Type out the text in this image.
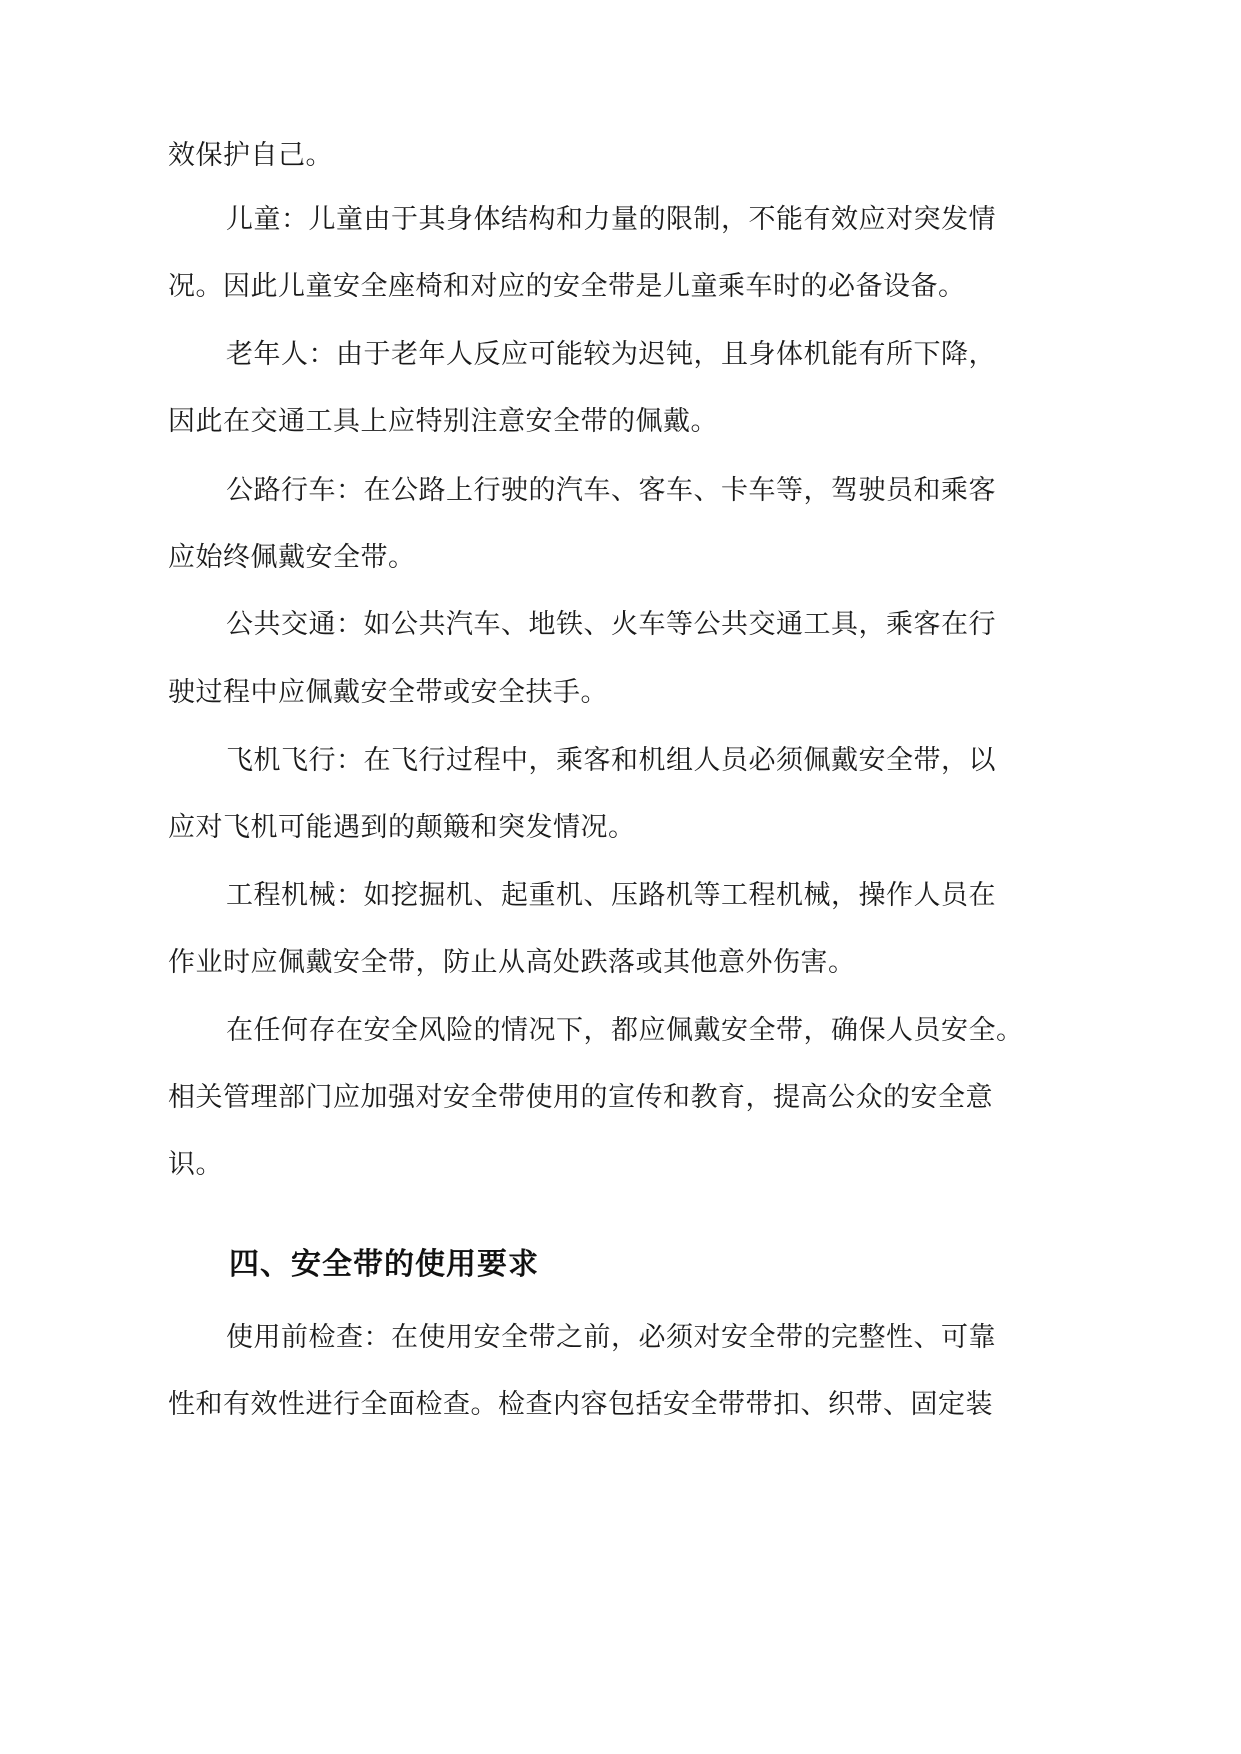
效保护自己。
儿童：儿童由于其身体结构和力量的限制，不能有效应对突发情
况。因此儿童安全座椅和对应的安全带是儿童乘车时的必备设备。
老年人：由于老年人反应可能较为迟钝，且身体机能有所下降，
因此在交通工具上应特别注意安全带的佩戴。
公路行车：在公路上行驶的汽车、客车、卡车等，驾驶员和乘客
应始终佩戴安全带。
公共交通：如公共汽车、地铁、火车等公共交通工具，乘客在行
驶过程中应佩戴安全带或安全扶手。
飞机飞行：在飞行过程中，乘客和机组人员必须佩戴安全带，以
应对飞机可能遇到的颠簸和突发情况。
工程机械：如挖掘机、起重机、压路机等工程机械，操作人员在
作业时应佩戴安全带，防止从高处跌落或其他意外伤害。
在任何存在安全风险的情况下，都应佩戴安全带，确保人员安全。
相关管理部门应加强对安全带使用的宣传和教育，提高公众的安全意
识。
四、安全带的使用要求
使用前检查：在使用安全带之前，必须对安全带的完整性、可靠
性和有效性进行全面检查。检查内容包括安全带带扣、织带、固定装
